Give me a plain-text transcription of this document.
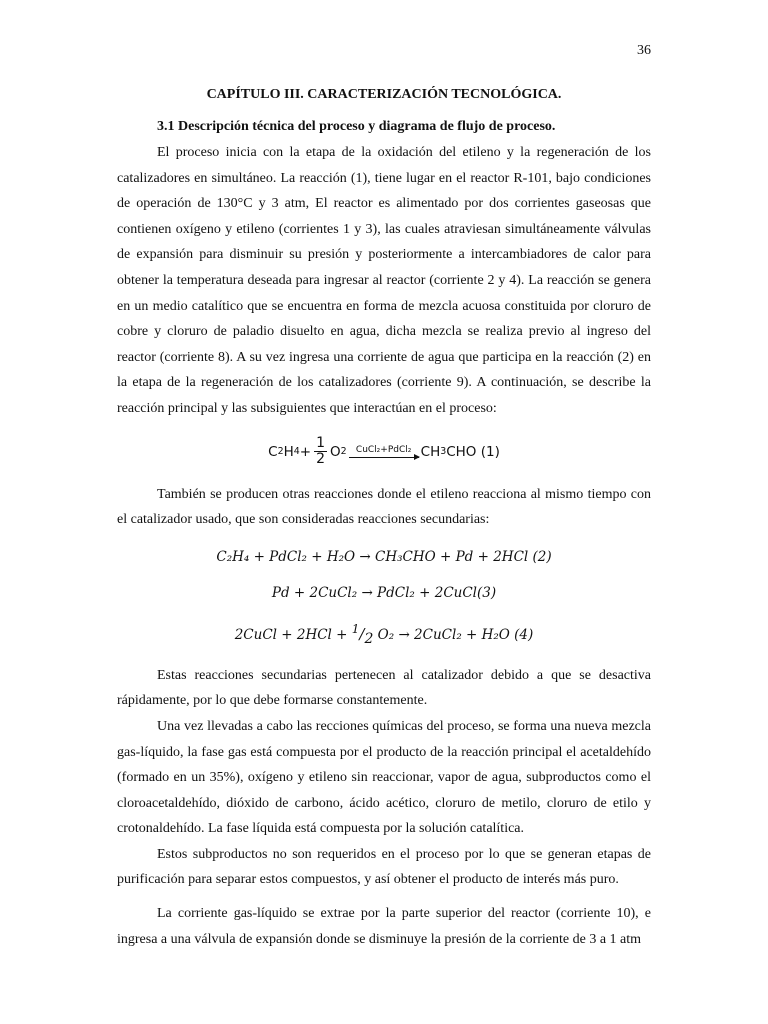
36
CAPÍTULO III. CARACTERIZACIÓN TECNOLÓGICA.

3.1 Descripción técnica del proceso y diagrama de flujo de proceso.

El proceso inicia con la etapa de la oxidación del etileno y la regeneración de los catalizadores en simultáneo. La reacción (1), tiene lugar en el reactor R-101, bajo condiciones de operación de 130°C y 3 atm, El reactor es alimentado por dos corrientes gaseosas que contienen oxígeno y etileno (corrientes 1 y 3), las cuales atraviesan simultáneamente válvulas de expansión para disminuir su presión y posteriormente a intercambiadores de calor para obtener la temperatura deseada para ingresar al reactor (corriente 2 y 4). La reacción se genera en un medio catalítico que se encuentra en forma de mezcla acuosa constituida por cloruro de cobre y cloruro de paladio disuelto en agua, dicha mezcla se realiza previo al ingreso del reactor (corriente 8). A su vez ingresa una corriente de agua que participa en la reacción (2) en la etapa de la regeneración de los catalizadores (corriente 9). A continuación, se describe la reacción principal y las subsiguientes que interactúan en el proceso:

C 2 H $4 + \frac{1}{2}$ O 2 CuCl₂+PdCl₂ CH 3 CHO (1)

También se producen otras reacciones donde el etileno reacciona al mismo tiempo con el catalizador usado, que son consideradas reacciones secundarias:

C₂H₄ + PdCl₂ + H₂O → CH₃CHO + Pd + 2HCl (2)

Pd + 2CuCl₂ → PdCl₂ + 2CuCl(3)

2CuCl + $2HCl + ^1/_2$ O₂ → 2CuCl₂ + H₂O (4)

Estas reacciones secundarias pertenecen al catalizador debido a que se desactiva rápidamente, por lo que debe formarse constantemente.

Una vez llevadas a cabo las recciones químicas del proceso, se forma una nueva mezcla gas-líquido, la fase gas está compuesta por el producto de la reacción principal el acetaldehído (formado en un 35%), oxígeno y etileno sin reaccionar, vapor de agua, subproductos como el cloroacetaldehído, dióxido de carbono, ácido acético, cloruro de metilo, cloruro de etilo y crotonaldehído. La fase líquida está compuesta por la solución catalítica.

Estos subproductos no son requeridos en el proceso por lo que se generan etapas de purificación para separar estos compuestos, y así obtener el producto de interés más puro.

La corriente gas-líquido se extrae por la parte superior del reactor (corriente 10), e ingresa a una válvula de expansión donde se disminuye la presión de la corriente de 3 a 1 atm
